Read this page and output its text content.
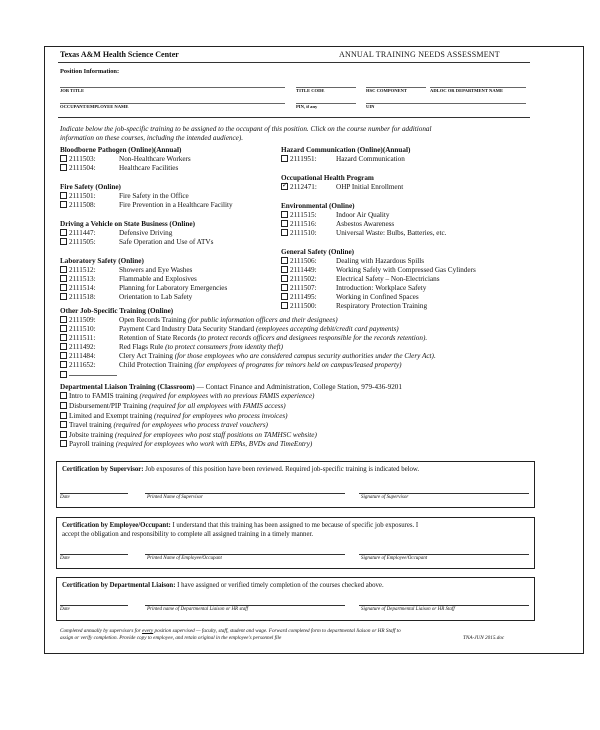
Texas A&M Health Science Center	ANNUAL TRAINING NEEDS ASSESSMENT
Position Information:
JOB TITLE	TITLE CODE	HSC COMPONENT	ADLOC OR DEPARTMENT NAME
OCCUPANT/EMPLOYEE NAME	PIN, if any	UIN
Indicate below the job-specific training to be assigned to the occupant of this position. Click on the course number for additional
information on these courses, including the intended audience).
Bloodborne Pathogen (Online)(Annual)
2111503:	Non-Healthcare Workers
2111504:	Healthcare Facilities
Fire Safety (Online)
2111501:	Fire Safety in the Office
2111508:	Fire Prevention in a Healthcare Facility
Driving a Vehicle on State Business (Online)
2111447:	Defensive Driving
2111505:	Safe Operation and Use of ATVs
Laboratory Safety (Online)
2111512:	Showers and Eye Washes
2111513:	Flammable and Explosives
2111514:	Planning for Laboratory Emergencies
2111518:	Orientation to Lab Safety
Hazard Communication (Online)(Annual)
2111951:	Hazard Communication
Occupational Health Program
✓2112471:	OHP Initial Enrollment
Environmental (Online)
2111515:	Indoor Air Quality
2111516:	Asbestos Awareness
2111510:	Universal Waste: Bulbs, Batteries, etc.
General Safety (Online)
2111506:	Dealing with Hazardous Spills
2111449:	Working Safely with Compressed Gas Cylinders
2111502:	Electrical Safety – Non-Electricians
2111507:	Introduction: Workplace Safety
2111495:	Working in Confined Spaces
2111500:	Respiratory Protection Training
Other Job-Specific Training (Online)
2111509:	Open Records Training (for public information officers and their designees)
2111510:	Payment Card Industry Data Security Standard (employees accepting debit/credit card payments)
2111511:	Retention of State Records (to protect records officers and designees responsible for the records retention).
2111492:	Red Flags Rule (to protect consumers from identity theft)
2111484:	Clery Act Training (for those employees who are considered campus security authorities under the Clery Act).
2111652:	Child Protection Training (for employees of programs for minors held on campus/leased property)
Departmental Liaison Training (Classroom) — Contact Finance and Administration, College Station, 979-436-9201
Intro to FAMIS training (required for employees with no previous FAMIS experience)
Disbursement/PIP Training (required for all employees with FAMIS access)
Limited and Exempt training (required for employees who process invoices)
Travel training (required for employees who process travel vouchers)
Jobsite training (required for employees who post staff positions on TAMHSC website)
Payroll training (required for employees who work with EPAs, BVDs and TimeEntry)
Certification by Supervisor: Job exposures of this position have been reviewed. Required job-specific training is indicated below.
Date	Printed Name of Supervisor	Signature of Supervisor
Certification by Employee/Occupant: I understand that this training has been assigned to me because of specific job exposures. I
accept the obligation and responsibility to complete all assigned training in a timely manner.
Date	Printed Name of Employee/Occupant	Signature of Employee/Occupant
Certification by Departmental Liaison: I have assigned or verified timely completion of the courses checked above.
Date	Printed name of Departmental Liaison or HR staff	Signature of Departmental Liaison or HR Staff
Completed annually by supervisors for every position supervised — faculty, staff, student and wage. Forward completed form to departmental liaison or HR Staff to
assign or verify completion. Provide copy to employee, and retain original in the employee's personnel file	TNA-JUN 2015.doc
